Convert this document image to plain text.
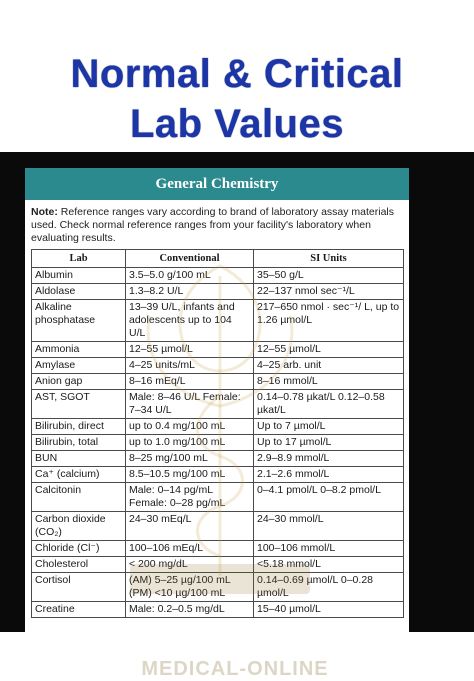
Normal & Critical
Lab Values
General Chemistry
Note: Reference ranges vary according to brand of laboratory assay materials used. Check normal reference ranges from your facility's laboratory when evaluating results.
Lab	Conventional	SI Units
Albumin	3.5–5.0 g/100 mL	35–50 g/L
Aldolase	1.3–8.2 U/L	22–137 nmol sec⁻¹/L
Alkaline phosphatase	13–39 U/L, infants and adolescents up to 104 U/L	217–650 nmol · sec⁻¹/ L, up to 1.26 µmol/L
Ammonia	12–55 µmol/L	12–55 µmol/L
Amylase	4–25 units/mL	4–25 arb. unit
Anion gap	8–16 mEq/L	8–16 mmol/L
AST, SGOT	Male: 8–46 U/L Female: 7–34 U/L	0.14–0.78 µkat/L 0.12–0.58 µkat/L
Bilirubin, direct	up to 0.4 mg/100 mL	Up to 7 µmol/L
Bilirubin, total	up to 1.0 mg/100 mL	Up to 17 µmol/L
BUN	8–25 mg/100 mL	2.9–8.9 mmol/L
Ca⁺ (calcium)	8.5–10.5 mg/100 mL	2.1–2.6 mmol/L
Calcitonin	Male: 0–14 pg/mL Female: 0–28 pg/mL	0–4.1 pmol/L 0–8.2 pmol/L
Carbon dioxide (CO₂)	24–30 mEq/L	24–30 mmol/L
Chloride (Cl⁻)	100–106 mEq/L	100–106 mmol/L
Cholesterol	< 200 mg/dL	<5.18 mmol/L
Cortisol	(AM) 5–25 µg/100 mL (PM) <10 µg/100 mL	0.14–0.69 µmol/L 0–0.28 µmol/L
Creatine	Male: 0.2–0.5 mg/dL	15–40 µmol/L
MEDICAL-ONLINE
